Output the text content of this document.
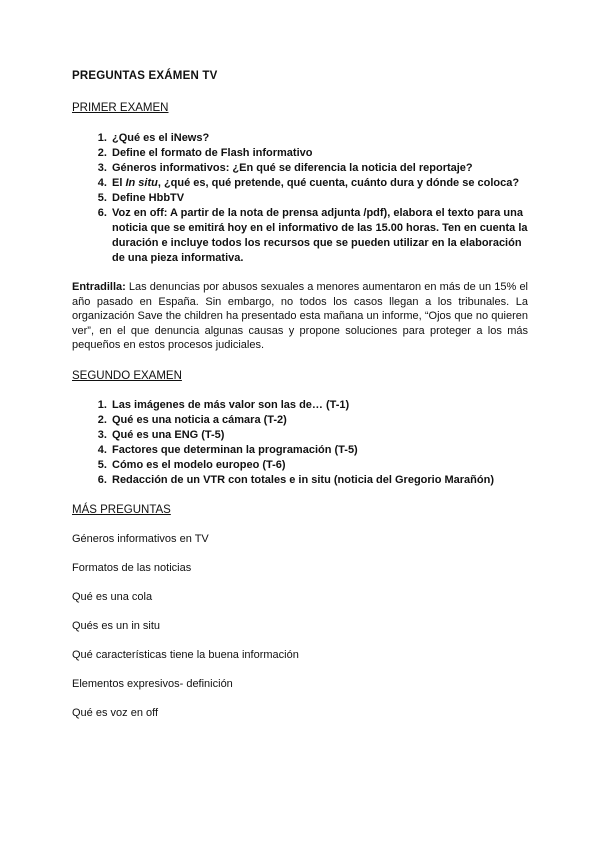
PREGUNTAS EXÁMEN TV

PRIMER EXAMEN

1. ¿Qué es el iNews?
2. Define el formato de Flash informativo
3. Géneros informativos: ¿En qué se diferencia la noticia del reportaje?
4. El In situ, ¿qué es, qué pretende, qué cuenta, cuánto dura y dónde se coloca?
5. Define HbbTV
6. Voz en off: A partir de la nota de prensa adjunta /pdf), elabora el texto para una noticia que se emitirá hoy en el informativo de las 15.00 horas. Ten en cuenta la duración e incluye todos los recursos que se pueden utilizar en la elaboración de una pieza informativa.

Entradilla: Las denuncias por abusos sexuales a menores aumentaron en más de un 15% el año pasado en España. Sin embargo, no todos los casos llegan a los tribunales. La organización Save the children ha presentado esta mañana un informe, “Ojos que no quieren ver”, en el que denuncia algunas causas y propone soluciones para proteger a los más pequeños en estos procesos judiciales.

SEGUNDO EXAMEN

1. Las imágenes de más valor son las de… (T-1)
2. Qué es una noticia a cámara (T-2)
3. Qué es una ENG (T-5)
4. Factores que determinan la programación (T-5)
5. Cómo es el modelo europeo (T-6)
6. Redacción de un VTR con totales e in situ (noticia del Gregorio Marañón)

MÁS PREGUNTAS

Géneros informativos en TV

Formatos de las noticias

Qué es una cola

Qués es un in situ

Qué características tiene la buena información

Elementos expresivos- definición

Qué es voz en off
